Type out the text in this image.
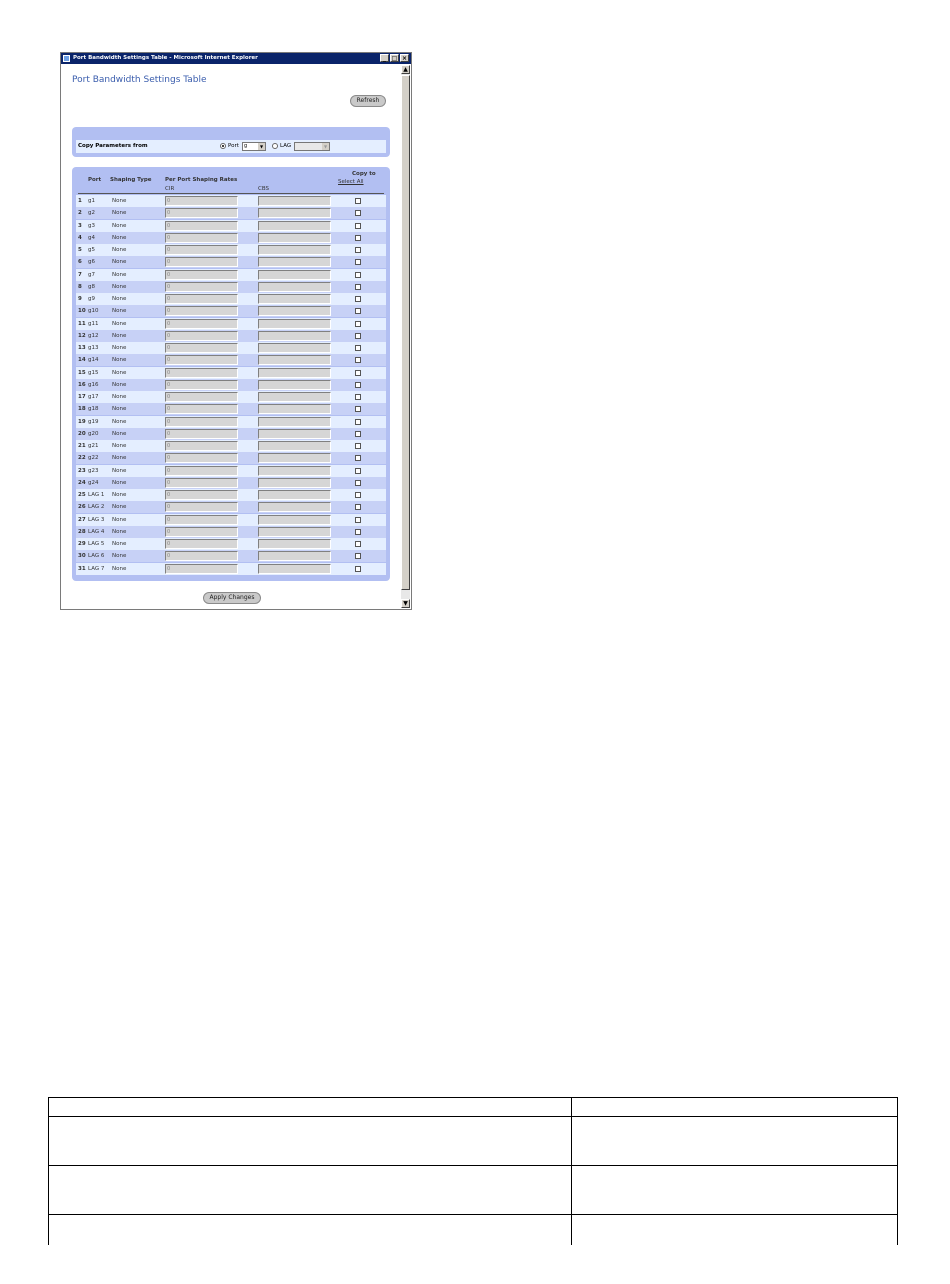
Port Bandwidth Settings Table - Microsoft Internet Explorer	_ □ ×
Port Bandwidth Settings Table
Refresh
Copy Parameters from	Port	g	▼	LAG	▼
Port Shaping Type Per Port Shaping Rates
CIR	CBS
Copy to
Select All
1 g1	None	0
2 g2	None	0
3 g3	None	0
4 g4	None	0
5 g5	None	0
6 g6	None	0
7 g7	None	0
8 g8	None	0
9 g9	None	0
10 g10 None	0
11 g11 None	0
12 g12 None	0
13 g13 None	0
14 g14 None	0
15 g15 None	0
16 g16 None	0
17 g17 None	0
18 g18 None	0
19 g19 None	0
20 g20 None	0
21 g21 None	0
22 g22 None	0
23 g23 None	0
24 g24 None	0
25 LAG 1 None	0
26 LAG 2 None	0
27 LAG 3 None	0
28 LAG 4 None	0
29 LAG 5 None	0
30 LAG 6 None	0
31 LAG 7 None	0
Apply Changes
▲
▼
